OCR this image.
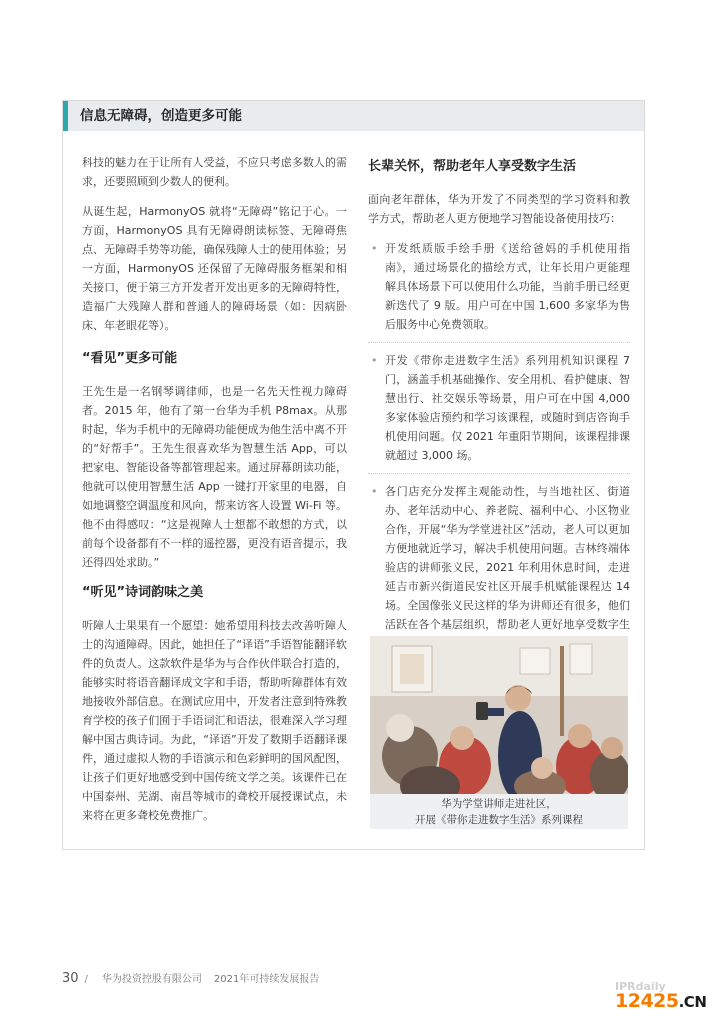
信息无障碍，创造更多可能

科技的魅力在于让所有人受益，不应只考虑多数人的需求，还要照顾到少数人的便利。

从诞生起，HarmonyOS 就将“无障碍”铭记于心。一方面，HarmonyOS 具有无障碍朗读标签、无障碍焦点、无障碍手势等功能，确保残障人士的使用体验；另一方面，HarmonyOS 还保留了无障碍服务框架和相关接口，便于第三方开发者开发出更多的无障碍特性，造福广大残障人群和普通人的障碍场景（如：因病卧床、年老眼花等）。

“看见”更多可能

王先生是一名钢琴调律师，也是一名先天性视力障碍者。2015 年，他有了第一台华为手机 P8max。从那时起，华为手机中的无障碍功能便成为他生活中离不开的“好帮手”。王先生很喜欢华为智慧生活 App，可以把家电、智能设备等都管理起来。通过屏幕朗读功能，他就可以使用智慧生活 App 一键打开家里的电器，自如地调整空调温度和风向，帮来访客人设置 Wi-Fi 等。他不由得感叹：“这是视障人士想都不敢想的方式，以前每个设备都有不一样的遥控器，更没有语音提示，我还得四处求助。”

“听见”诗词韵味之美

听障人士果果有一个愿望：她希望用科技去改善听障人士的沟通障碍。因此，她担任了“译语”手语智能翻译软件的负责人。这款软件是华为与合作伙伴联合打造的，能够实时将语音翻译成文字和手语，帮助听障群体有效地接收外部信息。在测试应用中，开发者注意到特殊教育学校的孩子们囿于手语词汇和语法，很难深入学习理解中国古典诗词。为此，“译语”开发了数期手语翻译课件，通过虚拟人物的手语演示和色彩鲜明的国风配图，让孩子们更好地感受到中国传统文学之美。该课件已在中国泰州、芜湖、南昌等城市的聋校开展授课试点，未来将在更多聋校免费推广。

长辈关怀，帮助老年人享受数字生活

面向老年群体，华为开发了不同类型的学习资料和教学方式，帮助老人更方便地学习智能设备使用技巧：

• 开发纸质版手绘手册《送给爸妈的手机使用指南》，通过场景化的描绘方式，让年长用户更能理解具体场景下可以使用什么功能，当前手册已经更新迭代了 9 版。用户可在中国 1,600 多家华为售后服务中心免费领取。
• 开发《带你走进数字生活》系列用机知识课程 7 门，涵盖手机基础操作、安全用机、看护健康、智慧出行、社交娱乐等场景，用户可在中国 4,000 多家体验店预约和学习该课程，或随时到店咨询手机使用问题。仅 2021 年重阳节期间，该课程排课就超过 3,000 场。
• 各门店充分发挥主观能动性，与当地社区、街道办、老年活动中心、养老院、福利中心、小区物业合作，开展“华为学堂进社区”活动，老人可以更加方便地就近学习，解决手机使用问题。吉林终端体验店的讲师张义民，2021 年利用休息时间，走进延吉市新兴街道民安社区开展手机赋能课程达 14 场。全国像张义民这样的华为讲师还有很多，他们活跃在各个基层组织，帮助老人更好地享受数字生
华为学堂讲师走进社区，
开展《带你走进数字生活》系列课程
30 / 华为投资控股有限公司 2021年可持续发展报告
IPRdaily
12425.CN
